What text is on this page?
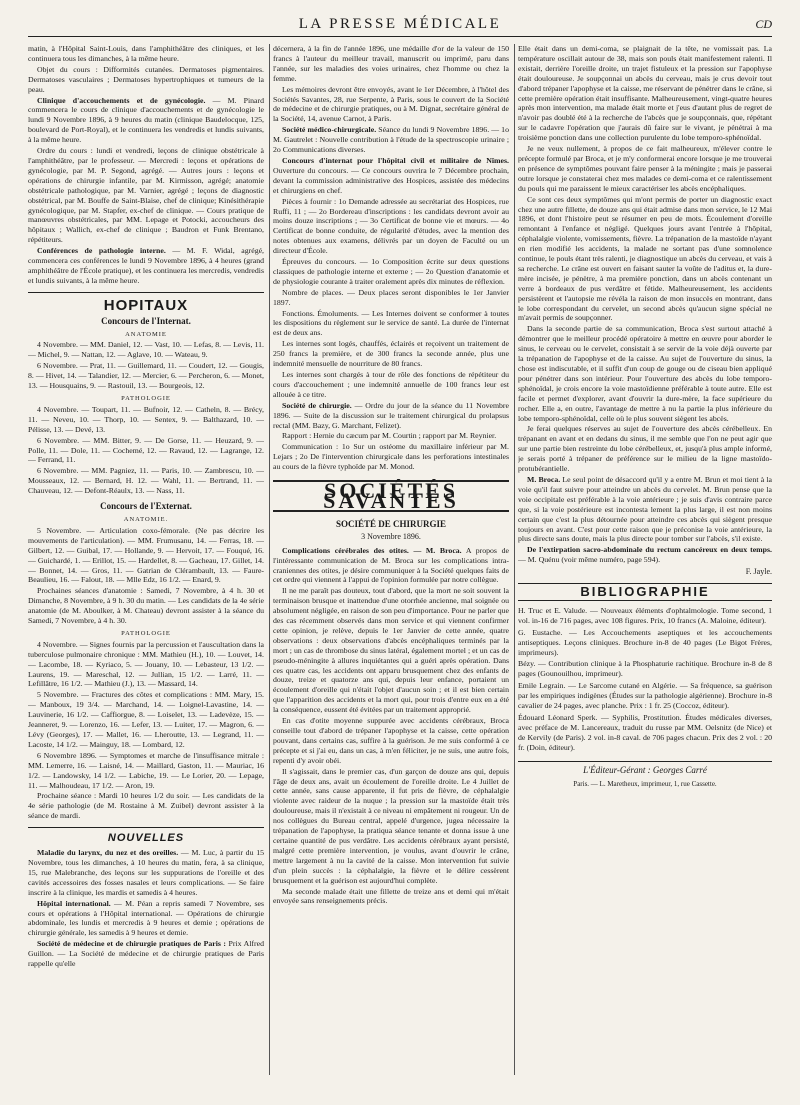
LA PRESSE MÉDICALE	CD

matin, à l'Hôpital Saint-Louis, dans l'amphithéâtre des cliniques, et les continuera tous les dimanches, à la même heure.

Objet du cours : Difformités cutanées. Dermatoses pigmentaires. Dermatoses vasculaires ; Dermatoses hypertrophiques et tumeurs de la peau.

Clinique d'accouchements et de gynécologie. — M. Pinard commencera le cours de clinique d'accouchements et de gynécologie le lundi 9 Novembre 1896, à 9 heures du matin (clinique Baudelocque, 125, boulevard de Port-Royal), et le continuera les vendredis et lundis suivants, à la même heure.

Ordre du cours : lundi et vendredi, leçons de clinique obstétricale à l'amphithéâtre, par le professeur. — Mercredi : leçons et opérations de gynécologie, par M. P. Segond, agrégé. — Autres jours : leçons et opérations de chirurgie infantile, par M. Kirmisson, agrégé; anatomie obstétricale pathologique, par M. Varnier, agrégé ; leçons de diagnostic obstétrical, par M. Bouffe de Saint-Blaise, chef de clinique; Kinésithérapie gynécologique, par M. Stapfer, ex-chef de clinique. — Cours pratique de manœuvres obstétricales, par MM. Lepage et Potocki, accoucheurs des hôpitaux ; Wallich, ex-chef de clinique ; Baudron et Funk Brentano, répétiteurs.

Conférences de pathologie interne. — M. F. Widal, agrégé, commencera ces conférences le lundi 9 Novembre 1896, à 4 heures (grand amphithéâtre de l'École pratique), et les continuera les mercredis, vendredis et lundis suivants, à la même heure.

HOPITAUX
Concours de l'Internat.
ANATOMIE

4 Novembre. — MM. Daniel, 12. — Vast, 10. — Lefas, 8. — Levis, 11. — Michel, 9. — Nattan, 12. — Aglave, 10. — Wateau, 9.

6 Novembre. — Prat, 11. — Guillemard, 11. — Coudert, 12. — Gougis, 8. — Hivet, 14. — Talandier, 12. — Mercier, 6. — Percheron, 6. — Monet, 13. — Housquains, 9. — Rastouil, 13. — Bourgeois, 12.

PATHOLOGIE

4 Novembre. — Toupart, 11. — Bufnoir, 12. — Catheln, 8. — Brécy, 11. — Neveu, 10. — Thorp, 10. — Sentex, 9. — Balthazard, 10. — Pélisse, 13. — Devé, 13.

6 Novembre. — MM. Bitter, 9. — De Gorse, 11. — Heuzard, 9. — Polle, 11. — Dole, 11. — Cochemé, 12. — Ravaud, 12. — Lagrange, 12. — Ferrand, 11.

6 Novembre. — MM. Pagniez, 11. — Paris, 10. — Zambrescu, 10. — Mousseaux, 12. — Bernard, H. 12. — Wahl, 11. — Bertrand, 11. — Chauveau, 12. — Defont-Réaulx, 13. — Nass, 11.

Concours de l'Externat.
ANATOMIE.

5 Novembre. — Articulation coxo-fémorale. (Ne pas décrire les mouvements de l'articulation). — MM. Frumusanu, 14. — Ferras, 18. — Gilbert, 12. — Guibal, 17. — Hollande, 9. — Hervoit, 17. — Fouqué, 16. — Guichardé, 1. — Erillot, 15. — Hardellet, 8. — Gacheau, 17. Gillet, 14. — Bonnet, 14. — Gros, 11. — Gatrian de Clérambault, 13. — Faure-Beaulieu, 16. — Falout, 18. — Mlle Edz, 16 1/2. — Enard, 9.

Prochaines séances d'anatomie : Samedi, 7 Novembre, à 4 h. 30 et Dimanche, 8 Novembre, à 9 h. 30 du matin. — Les candidats de la 4e série anatomie (de M. Aboulker, à M. Chateau) devront assister à la séance du Samedi, 7 Novembre, à 4 h. 30.

PATHOLOGIE

4 Novembre. — Signes fournis par la percussion et l'auscultation dans la tuberculose pulmonaire chronique : MM. Mathieu (H.), 10. — Louvet, 14. — Lacombe, 18. — Kyriaco, 5. — Jouany, 10. — Lebasteur, 13 1/2. — Laurens, 19. — Mareschal, 12. — Jullian, 15 1/2. — Larré, 11. — Lefillâtre, 16 1/2. — Mathieu (J.), 13. — Massard, 14.

5 Novembre. — Fractures des côtes et complications : MM. Mary, 15. — Manboux, 19 3/4. — Marchand, 14. — Loignel-Lavastine, 14. — Lauvinerie, 16 1/2. — Caffiorgue, 8. — Loiselet, 13. — Ladevèze, 15. — Jeanneret, 9. — Lorenzo, 16. — Lefer, 13. — Luiter, 17. — Magron, 6. — Lévy (Georges), 17. — Mallet, 16. — Lheroutte, 13. — Legrand, 11. — Lacoste, 14 1/2. — Mainguy, 18. — Lombard, 12.

6 Novembre 1896. — Symptomes et marche de l'insuffisance mitrale : MM. Lemerre, 16. — Laisné, 14. — Maillard, Gaston, 11. — Mauriac, 16 1/2. — Landowsky, 14 1/2. — Labiche, 19. — Le Lorier, 20. — Lepage, 11. — Malhoudeau, 17 1/2. — Aron, 19.

Prochaine séance : Mardi 10 heures 1/2 du soir. — Les candidats de la 4e série pathologie (de M. Rostaine à M. Zuibel) devront assister à la séance de mardi.

NOUVELLES

Maladie du larynx, du nez et des oreilles. — M. Luc, à partir du 15 Novembre, tous les dimanches, à 10 heures du matin, fera, à sa clinique, 15, rue Malebranche, des leçons sur les suppurations de l'oreille et des cavités accessoires des fosses nasales et leurs complications. — Se faire inscrire à la clinique, les mardis et samedis à 4 heures.

Hôpital international. — M. Péan a repris samedi 7 Novembre, ses cours et opérations à l'Hôpital international. — Opérations de chirurgie abdominale, les lundis et mercredis à 9 heures et demie ; opérations de chirurgie générale, les samedis à 9 heures et demie.

Société de médecine et de chirurgie pratiques de Paris : Prix Alfred Guillon. — La Société de médecine et de chirurgie pratiques de Paris rappelle qu'elle

décernera, à la fin de l'année 1896, une médaille d'or de la valeur de 150 francs à l'auteur du meilleur travail, manuscrit ou imprimé, paru dans l'année, sur les maladies des voies urinaires, chez l'homme ou chez la femme.

Les mémoires devront être envoyés, avant le 1er Décembre, à l'hôtel des Sociétés Savantes, 28, rue Serpente, à Paris, sous le couvert de la Société de médecine et de chirurgie pratiques, ou à M. Dignat, secrétaire général de la Société, 14, avenue Carnot, à Paris.

Société médico-chirurgicale. Séance du lundi 9 Novembre 1896. — 1o M. Gautrelet : Nouvelle contribution à l'étude de la spectroscopie urinaire ; 2o Communications diverses.

Concours d'internat pour l'hôpital civil et militaire de Nîmes. Ouverture du concours. — Ce concours ouvrira le 7 Décembre prochain, devant la commission administrative des Hospices, assistée des médecins et chirurgiens en chef.

Pièces à fournir : 1o Demande adressée au secrétariat des Hospices, rue Ruffi, 11 ; — 2o Bordereau d'inscriptions : les candidats devront avoir au moins douze inscriptions ; — 3o Certificat de bonne vie et mœurs. — 4o Certificat de bonne conduite, de régularité d'études, avec la mention des notes obtenues aux examens, délivrés par un doyen de Faculté ou un directeur d'École.

Épreuves du concours. — 1o Composition écrite sur deux questions classiques de pathologie interne et externe ; — 2o Question d'anatomie et de physiologie courante à traiter oralement après dix minutes de réflexion.

Nombre de places. — Deux places seront disponibles le 1er Janvier 1897.

Fonctions. Émoluments. — Les Internes doivent se conformer à toutes les dispositions du règlement sur le service de santé. La durée de l'internat est de deux ans.

Les internes sont logés, chauffés, éclairés et reçoivent un traitement de 250 francs la première, et de 300 francs la seconde année, plus une indemnité mensuelle de nourriture de 80 francs.

Les internes sont chargés à tour de rôle des fonctions de répétiteur du cours d'accouchement ; une indemnité annuelle de 100 francs leur est allouée à ce titre.

Société de chirurgie. — Ordre du jour de la séance du 11 Novembre 1896. — Suite de la discussion sur le traitement chirurgical du prolapsus rectal (MM. Bazy, G. Marchant, Felizet).

Rapport : Hernie du cæcum par M. Courtin ; rapport par M. Reynier.

Communication : 1o Sur un ostéome du maxillaire inférieur par M. Lejars ; 2o De l'intervention chirurgicale dans les perforations intestinales au cours de la fièvre typhoïde par M. Monod.

SOCIÉTÉS SAVANTES
SOCIÉTÉ DE CHIRURGIE
3 Novembre 1896.

Complications cérébrales des otites. — M. Broca. A propos de l'intéressante communication de M. Broca sur les complications intra-craniennes des otites, je désire communiquer à la Société quelques faits de cet ordre qui viennent à l'appui de l'opinion formulée par notre collègue.

Il ne me paraît pas douteux, tout d'abord, que la mort ne soit souvent la terminaison brusque et inattendue d'une otorrhée ancienne, mal soignée ou absolument négligée, en raison de son peu d'importance. Pour ne parler que des cas récemment observés dans mon service et qui viennent confirmer cette opinion, je relève, depuis le 1er Janvier de cette année, quatre observations : deux observations d'abcès encéphaliques terminés par la mort ; un cas de thrombose du sinus latéral, également mortel ; et un cas de pseudo-méningite à allures inquiétantes qui a guéri après opération. Dans ces quatre cas, les accidents ont apparu brusquement chez des enfants de douze, treize et quatorze ans qui, depuis leur enfance, portaient un écoulement d'oreille qui n'était l'objet d'aucun soin ; et il est bien certain que l'apparition des accidents et la mort qui, pour trois d'entre eux en a été la conséquence, eussent été évitées par un traitement approprié.

En cas d'otite moyenne suppurée avec accidents cérébraux, Broca conseille tout d'abord de trépaner l'apophyse et la caisse, cette opération pouvant, dans certains cas, suffire à la guérison. Je me suis conformé à ce précepte et si j'ai eu, dans un cas, à m'en féliciter, je ne suis, une autre fois, repenti d'y avoir obéi.

Il s'agissait, dans le premier cas, d'un garçon de douze ans qui, depuis l'âge de deux ans, avait un écoulement de l'oreille droite. Le 4 Juillet de cette année, sans cause apparente, il fut pris de fièvre, de céphalalgie violente avec raideur de la nuque ; la pression sur la mastoïde était très douloureuse, mais il n'existait à ce niveau ni empâtement ni rougeur. Un de nos collègues du Bureau central, appelé d'urgence, jugea nécessaire la trépanation de l'apophyse, la pratiqua séance tenante et donna issue à une certaine quantité de pus verdâtre. Les accidents cérébraux ayant persisté, malgré cette première intervention, je voulus, avant d'ouvrir le crâne, mettre largement à nu la cavité de la caisse. Mon intervention fut suivie d'un plein succès : la céphalalgie, la fièvre et le délire cessèrent brusquement et la guérison est aujourd'hui complète.

Ma seconde malade était une fillette de treize ans et demi qui m'était envoyée sans renseignements précis.

Elle était dans un demi-coma, se plaignait de la tête, ne vomissait pas. La température oscillait autour de 38, mais son pouls était manifestement ralenti. Il existait, derrière l'oreille droite, un trajet fistuleux et la pression sur l'apophyse était douloureuse. Je soupçonnai un abcès du cerveau, mais je crus devoir tout d'abord trépaner l'apophyse et la caisse, me réservant de pénétrer dans le crâne, si cette première opération était insuffisante. Malheureusement, vingt-quatre heures après mon intervention, ma malade était morte et j'eus d'autant plus de regret de n'avoir pas doublé été à la recherche de l'abcès que je soupçonnais, que, répétant sur le cadavre l'opération que j'aurais dû faire sur le vivant, je pénétrai à ma troisième ponction dans une collection purulente du lobe temporo-sphénoïdal.

Je ne veux nullement, à propos de ce fait malheureux, m'élever contre le précepte formulé par Broca, et je m'y conformerai encore lorsque je me trouverai en présence de symptômes pouvant faire penser à la méningite ; mais je passerai outre lorsque je constaterai chez mes malades ce demi-coma et ce ralentissement du pouls qui me paraissent le mieux caractériser les abcès encéphaliques.

Ce sont ces deux symptômes qui m'ont permis de porter un diagnostic exact chez une autre fillette, de douze ans qui était admise dans mon service, le 12 Mai 1896, et dont l'histoire peut se résumer en peu de mots. Écoulement d'oreille remontant à l'enfance et négligé. Quelques jours avant l'entrée à l'hôpital, céphalalgie violente, vomissements, fièvre. La trépanation de la mastoïde n'ayant en rien modifié les accidents, la malade ne sortant pas d'une somnolence continue, le pouls étant très ralenti, je diagnostique un abcès du cerveau, et vais à sa recherche. Le crâne est ouvert en faisant sauter la voûte de l'aditus et, la dure-mère incisée, je pénètre, à ma première ponction, dans un abcès contenant un verre à bordeaux de pus verdâtre et fétide. Malheureusement, les accidents persistèrent et l'autopsie me révéla la raison de mon insuccès en montrant, dans le lobe correspondant du cervelet, un second abcès qu'aucun signe spécial ne m'avait permis de soupçonner.

Dans la seconde partie de sa communication, Broca s'est surtout attaché à démontrer que le meilleur procédé opératoire à mettre en œuvre pour aborder le sinus, le cerveau ou le cervelet, consistait à se servir de la voie déjà ouverte par la trépanation de l'apophyse et de la caisse. Au sujet de l'ouverture du sinus, la chose est indiscutable, et il suffit d'un coup de gouge ou de ciseau bien appliqué pour pénétrer dans son intérieur. Pour l'ouverture des abcès du lobe temporo-sphénoïdal, je crois encore la voie mastoïdienne préférable à toute autre. Elle est facile et permet d'explorer, avant d'ouvrir la dure-mère, la face supérieure du rocher. Elle a, en outre, l'avantage de mettre à nu la partie la plus inférieure du lobe temporo-sphénoïdal, celle où le plus souvent siègent les abcès.

Je ferai quelques réserves au sujet de l'ouverture des abcès cérébelleux. En trépanant en avant et en dedans du sinus, il me semble que l'on ne peut agir que sur une partie bien restreinte du lobe cérébelleux, et, jusqu'à plus ample informé, je serais porté à trépaner de préférence sur le milieu de la ligne mastoïdo-protubérantielle.

M. Broca. Le seul point de désaccord qu'il y a entre M. Brun et moi tient à la voie qu'il faut suivre pour atteindre un abcès du cervelet. M. Brun pense que la voie occipitale est préférable à la voie antérieure ; je suis d'avis contraire parce que, si la voie postérieure est incontesta lement la plus large, il est non moins certain que c'est la plus détournée pour atteindre ces abcès qui siègent presque toujours en avant. C'est pour cette raison que je préconise la voie antérieure, la plus directe sans doute, mais la plus directe pour tomber sur l'abcès, s'il existe.

De l'extirpation sacro-abdominale du rectum cancéreux en deux temps. — M. Quénu (voir même numéro, page 594).

F. Jayle.
BIBLIOGRAPHIE

H. Truc et E. Valude. — Nouveaux éléments d'ophtalmologie. Tome second, 1 vol. in-16 de 716 pages, avec 108 figures. Prix, 10 francs (A. Maloine, éditeur).

G. Eustache. — Les Accouchements aseptiques et les accouchements antiseptiques. Leçons cliniques. Brochure in-8 de 40 pages (Le Bigot Frères, imprimeurs).

Bézy. — Contribution clinique à la Phosphaturie rachitique. Brochure in-8 de 8 pages (Gounouilhou, imprimeur).

Emile Legrain. — Le Sarcome cutané en Algérie. — Sa fréquence, sa guérison par les empiriques indigènes (Études sur la pathologie algérienne). Brochure in-8 cavalier de 24 pages, avec planche. Prix : 1 fr. 25 (Coccoz, éditeur).

Édouard Léonard Sperk. — Syphilis, Prostitution. Études médicales diverses, avec préface de M. Lancereaux, traduit du russe par MM. Oelsnitz (de Nice) et de Kervily (de Paris). 2 vol. in-8 caval. de 706 pages chacun. Prix des 2 vol. : 20 fr. (Doin, éditeur).

L'Éditeur-Gérant : Georges Carré
Paris. — L. Maretheux, imprimeur, 1, rue Cassette.
